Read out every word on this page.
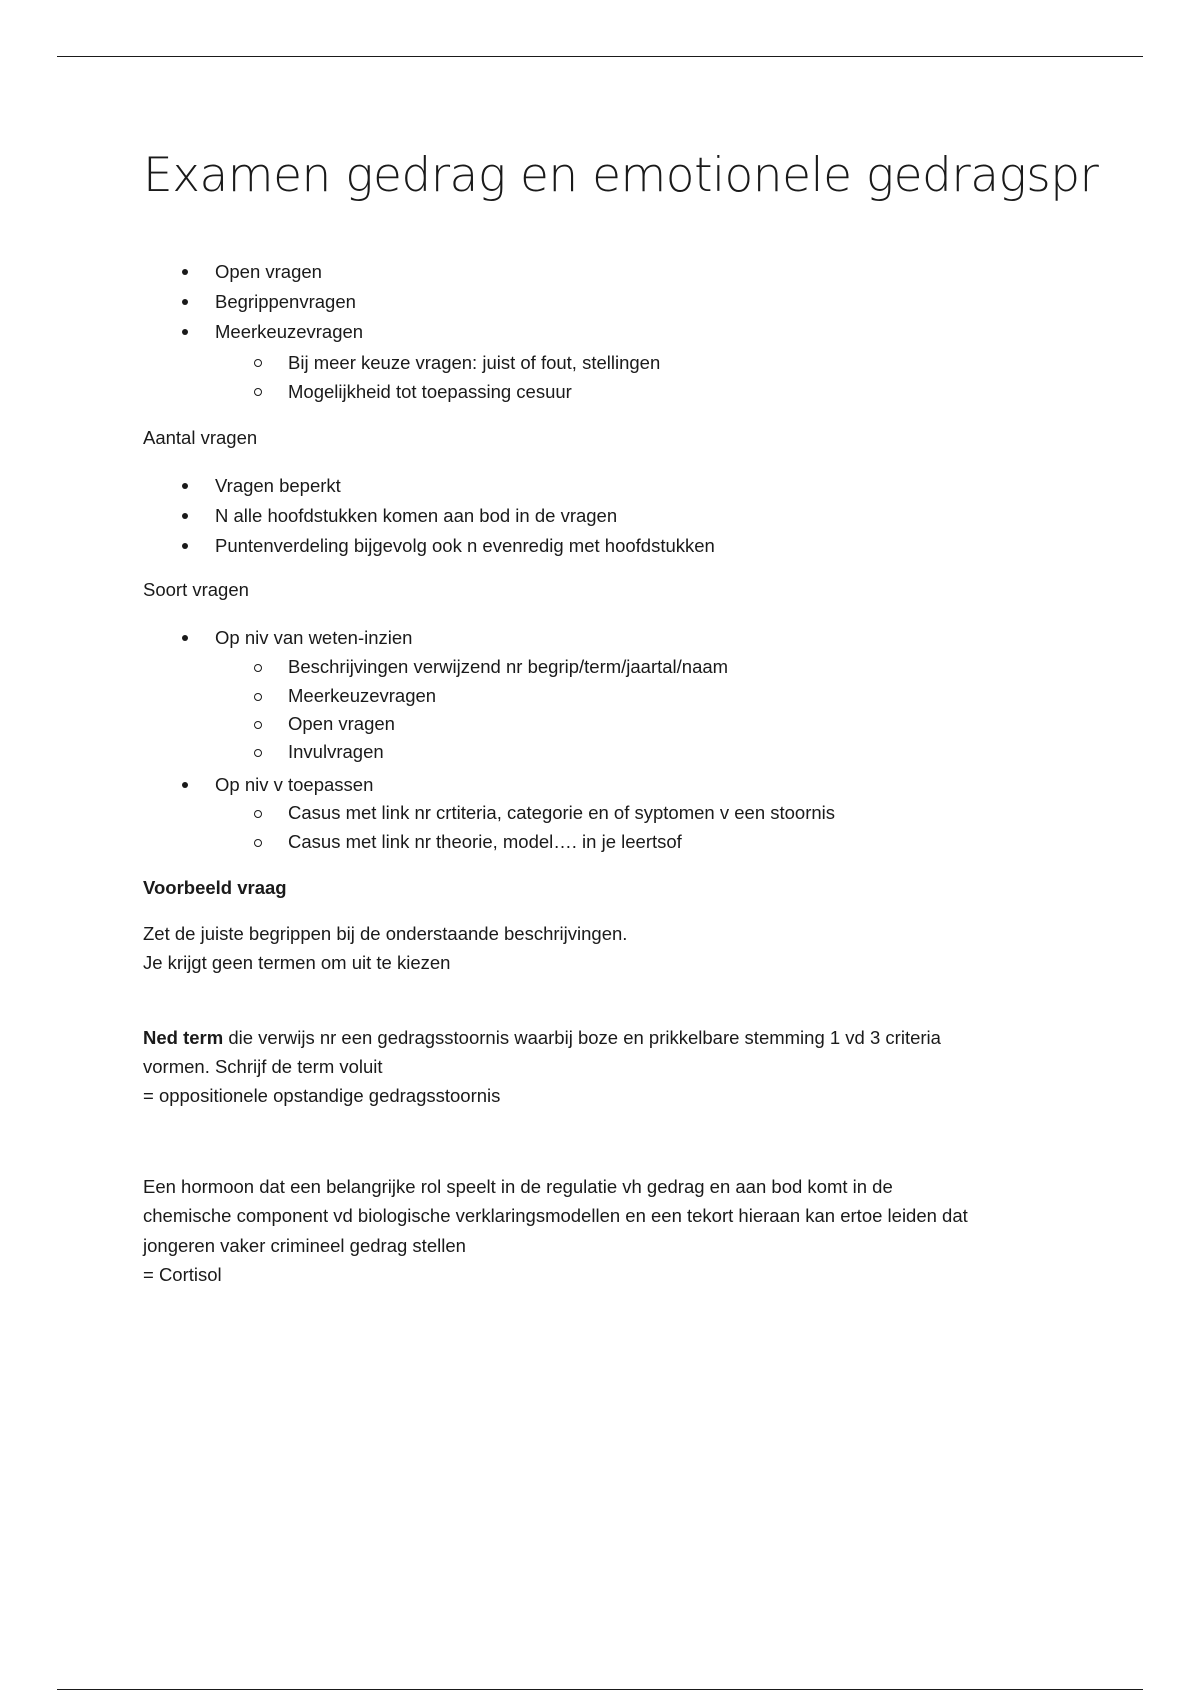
Examen gedrag en emotionele gedragspr
Open vragen
Begrippenvragen
Meerkeuzevragen
Bij meer keuze vragen: juist of fout, stellingen
Mogelijkheid tot toepassing cesuur
Aantal vragen
Vragen beperkt
N alle hoofdstukken komen aan bod in de vragen
Puntenverdeling bijgevolg ook n evenredig met hoofdstukken
Soort vragen
Op niv van weten-inzien
Beschrijvingen verwijzend nr begrip/term/jaartal/naam
Meerkeuzevragen
Open vragen
Invulvragen
Op niv v toepassen
Casus met link nr crtiteria, categorie en of syptomen v een stoornis
Casus met link nr theorie, model…. in je leertsof
Voorbeeld vraag
Zet de juiste begrippen bij de onderstaande beschrijvingen.
Je krijgt geen termen om uit te kiezen
Ned term die verwijs nr een gedragsstoornis waarbij boze en prikkelbare stemming 1 vd 3 criteria
vormen. Schrijf de term voluit
= oppositionele opstandige gedragsstoornis
Een hormoon dat een belangrijke rol speelt in de regulatie vh gedrag en aan bod komt in de
chemische component vd biologische verklaringsmodellen en een tekort hieraan kan ertoe leiden dat
jongeren vaker crimineel gedrag stellen
= Cortisol
